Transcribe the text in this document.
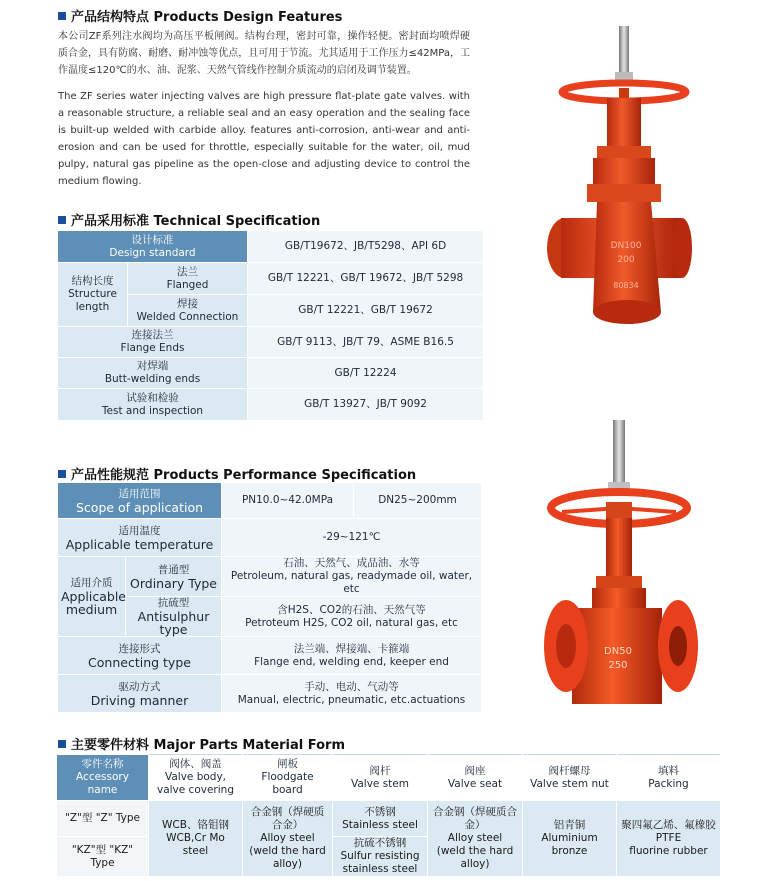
产品结构特点 Products Design Features
本公司ZF系列注水阀均为高压平板闸阀。结构台理，密封可靠，操作轻便。密封面均喷焊硬质合金，具有防腐、耐磨、耐冲蚀等优点，且可用于节流。尤其适用于工作压力≤42MPa，工作温度≤120℃的水、油、泥浆、天然气管线作控制介质流动的启闭及调节装置。
The ZF series water injecting valves are high pressure flat-plate gate valves. with a reasonable structure, a reliable seal and an easy operation and the sealing face is built-up welded with carbide alloy. features anti-corrosion, anti-wear and anti-erosion and can be used for throttle, especially suitable for the water, oil, mud pulpy, natural gas pipeline as the open-close and adjusting device to control the medium flowing.
产品采用标准 Technical Specification
设计标准
Design standard		GB/T19672、JB/T5298、API 6D

结构长度
Structure
length	法兰
Flanged	GB/T 12221、GB/T 19672、JB/T 5298

	焊接
Welded Connection	GB/T 12221、GB/T 19672

连接法兰
Flange Ends		GB/T 9113、JB/T 79、ASME B16.5

对焊端
Butt-welding ends		GB/T 12224

试验和检验
Test and inspection		GB/T 13927、JB/T 9092
产品性能规范 Products Performance Specification
适用范围
Scope of application		PN10.0~42.0MPa	DN25~200mm

适用温度
Applicable temperature		-29~121℃	

适用介质
Applicable
medium	普通型
Ordinary Type	石油、天然气、成品油、水等
Petroleum, natural gas, readymade oil, water, etc	

	抗硫型
Antisulphur type	含H2S、CO2的石油、天然气等
Petroteum H2S, CO2 oil, natural gas, etc	

连接形式
Connecting type		法兰端、焊接端、卡箍端
Flange end, welding end, keeper end	

驱动方式
Driving manner		手动、电动、气动等
Manual, electric, pneumatic, etc.actuations	
主要零件材料 Major Parts Material Form
零件名称
Accessory name	阀体、阀盖
Valve body,
valve covering	闸板
Floodgate board	阀杆
Valve stem	阀座
Valve seat	阀杆螺母
Valve stem nut	填料
Packing

"Z"型 "Z" Type	WCB、铬钼钢
WCB,Cr Mo steel	合金钢（焊硬质合金）
Alloy steel
(weld the hard alloy)	不锈钢
Stainless steel	合金钢（焊硬质合金）
Alloy steel
(weld the hard alloy)	铝青铜
Aluminium bronze	聚四氟乙烯、氟橡胶
PTFE
fluorine rubber

"KZ"型 "KZ" Type			抗硫不锈钢
Sulfur resisting
stainless steel			
DN100
200
80834
DN50
250
